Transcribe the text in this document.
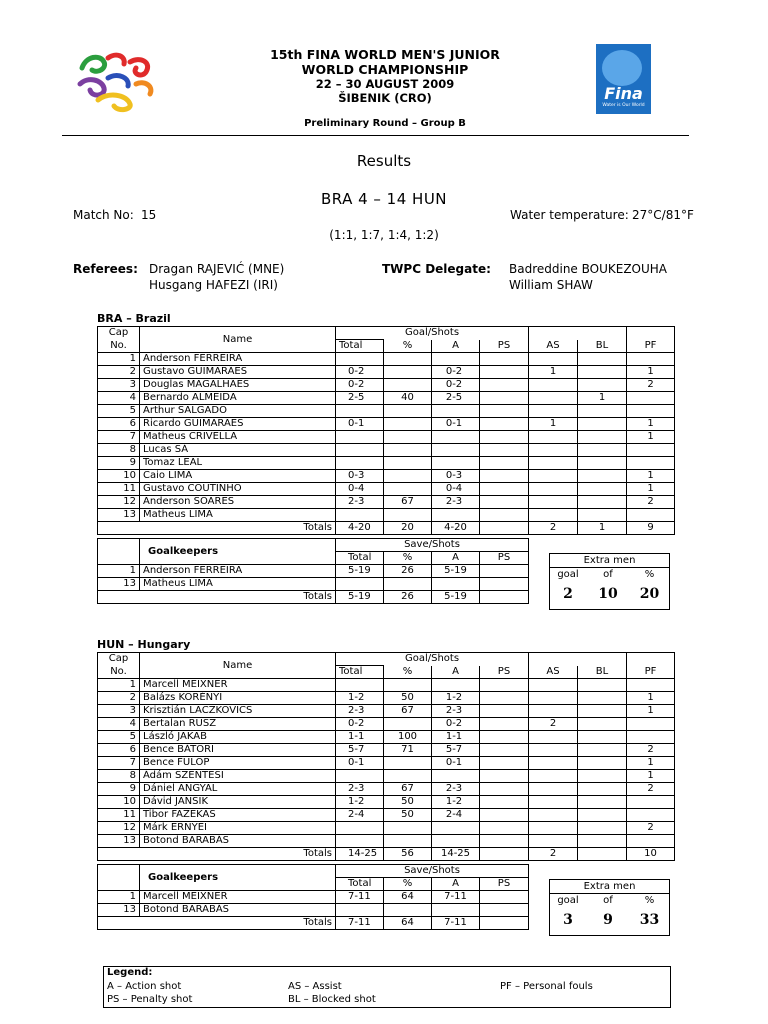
15th FINA WORLD MEN'S JUNIOR
WORLD CHAMPIONSHIP
22 – 30 AUGUST 2009
ŠIBENIK (CRO)	Fina
Water is Our World
Preliminary Round – Group B
Results
BRA 4 – 14 HUN
Match No: 15	Water temperature: 27°C/81°F
(1:1, 1:7, 1:4, 1:2)
Referees: Dragan RAJEVIĆ (MNE)
Husgang HAFEZI (IRI)
TWPC Delegate: Badreddine BOUKEZOUHA
William SHAW
BRA – Brazil
Cap	Name	Goal/Shots						
No.		Total	%	A	PS	AS	BL	PF
1	Anderson FERREIRA							
2	Gustavo GUIMARÃES	0-2		0-2		1		1
3	Douglas MAGALHÃES	0-2		0-2				2
4	Bernardo ALMEIDA	2-5	40	2-5			1	
5	Arthur SALGADO							
6	Ricardo GUIMARÃES	0-1		0-1		1		1
7	Matheus CRIVELLA							1
8	Lucas SÁ							
9	Tomaz LEAL							
10	Caio LIMA	0-3		0-3				1
11	Gustavo COUTINHO	0-4		0-4				1
12	Anderson SOARES	2-3	67	2-3				2
13	Matheus LIMA							
Totals		4-20	20	4-20		2	1	9
	Goalkeepers	Save/Shots			
		Total	%	A	PS
1	Anderson FERREIRA	5-19	26	5-19	
13	Matheus LIMA				
Totals		5-19	26	5-19	
Extra men
goal	of	%
2	10	20
HUN – Hungary
Cap	Name	Goal/Shots						
No.		Total	%	A	PS	AS	BL	PF
1	Marcell MEIXNER							
2	Balázs KORÉNYI	1-2	50	1-2				1
3	Krisztián LACZKOVICS	2-3	67	2-3				1
4	Bertalan RUSZ	0-2		0-2		2		
5	László JAKAB	1-1	100	1-1				
6	Bence BÁTORI	5-7	71	5-7				2
7	Bence FÜLÖP	0-1		0-1				1
8	Ádám SZENTESI							1
9	Dániel ANGYAL	2-3	67	2-3				2
10	Dávid JANSIK	1-2	50	1-2				
11	Tibor FAZEKAS	2-4	50	2-4				
12	Márk ERNYEI							2
13	Botond BARABÁS							
Totals		14-25	56	14-25		2		10
	Goalkeepers	Save/Shots			
		Total	%	A	PS
1	Marcell MEIXNER	7-11	64	7-11	
13	Botond BARABÁS				
Totals		7-11	64	7-11	
Extra men
goal	of	%
3	9	33
Legend:
A – Action shot
PS – Penalty shot
AS – Assist
BL – Blocked shot
PF – Personal fouls
